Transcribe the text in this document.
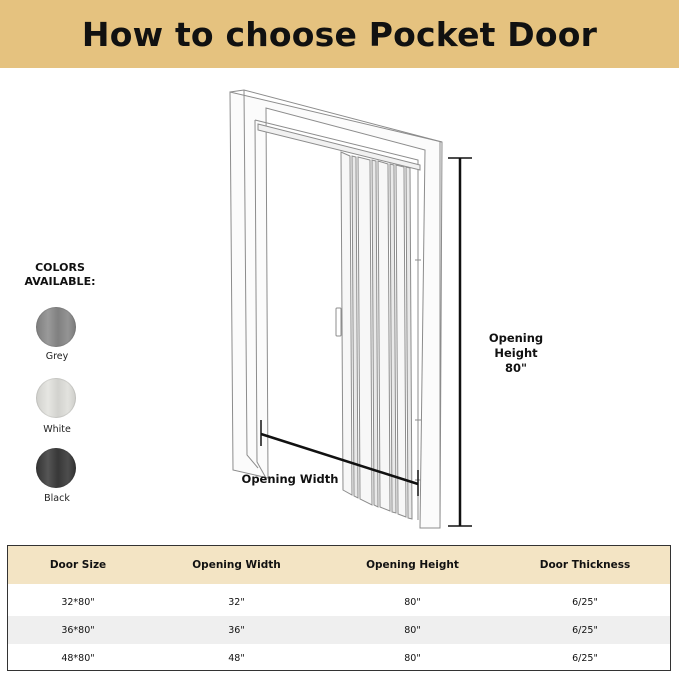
How to choose Pocket Door
COLORS
AVAILABLE:
Grey
White
Black
Opening Height
80"
Opening Width
Door Size	Opening Width	Opening Height	Door Thickness
32*80"	32"	80"	6/25"
36*80"	36"	80"	6/25"
48*80"	48"	80"	6/25"
